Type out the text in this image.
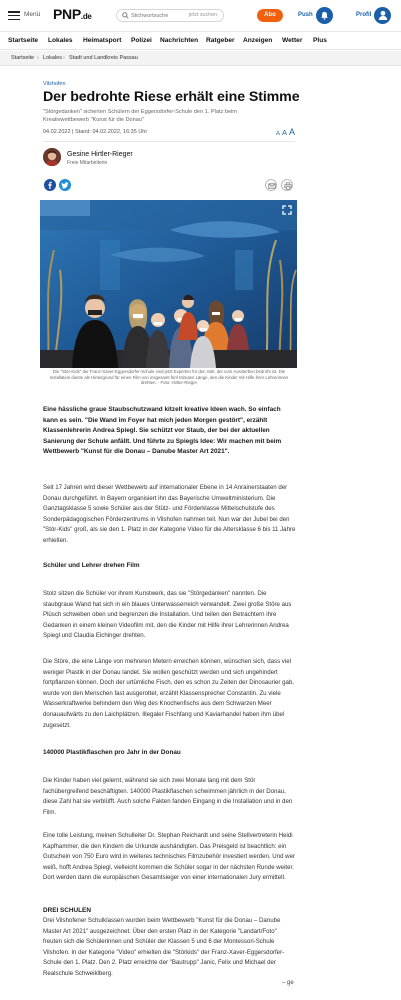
Menü PNP.de
Stichwortsuche	jetzt suchen	Abo	Push	Profil
Startseite Lokales Heimatsport Polizei Nachrichten Ratgeber Anzeigen Wetter Plus
Startseite › Lokales › Stadt und Landkreis Passau
Vilshofen
Der bedrohte Riese erhält eine Stimme

"Störgedanken" sicherten Schülern der Eggersdorfer-Schule den 1. Platz beim Kreativwettbewerb "Kunst für die Donau"

04.02.2022 | Stand: 04.02.2022, 16:35 Uhr	A A A
Gesine Hirtler-Rieger
Freie Mitarbeiterin

Die "Stör-Kids" der Franz-Xaver-Eggersdorfer-Schule sind jetzt Experten für den Stör, der vom Aussterben bedroht ist. Die Installation diente als Hintergrund für einen Film von insgesamt fünf Minuten Länge, den die Kinder mit Hilfe ihrer Lehrerinnen drehten. - Foto: Hirtler-Rieger

Eine hässliche graue Staubschutzwand kitzelt kreative Ideen wach. So einfach kann es sein. "Die Wand im Foyer hat mich jeden Morgen gestört", erzählt Klassenlehrerin Andrea Spiegl. Sie schützt vor Staub, der bei der aktuellen Sanierung der Schule anfällt. Und führte zu Spiegls Idee: Wir machen mit beim Wettbewerb "Kunst für die Donau – Danube Master Art 2021".

Seit 17 Jahren wird dieser Wettbewerb auf internationaler Ebene in 14 Anrainerstaaten der Donau durchgeführt. In Bayern organisiert ihn das Bayerische Umweltministerium. Die Ganztagsklasse 5 sowie Schüler aus der Stütz- und Förderklasse Mittelschulstufe des Sonderpädagogischen Förderzentrums in Vilshofen nahmen teil. Nun war der Jubel bei den "Stör-Kids" groß, als sie den 1. Platz in der Kategorie Video für die Altersklasse 6 bis 11 Jahre erhielten.

Schüler und Lehrer drehen Film

Stolz sitzen die Schüler vor ihrem Kunstwerk, das sie "Störgedanken" nannten. Die staubgraue Wand hat sich in ein blaues Unterwasserreich verwandelt. Zwei große Störe aus Plüsch schweben oben und begrenzen die Installation. Und teilen den Betrachtern ihre Gedanken in einem kleinen Videofilm mit, den die Kinder mit Hilfe ihrer Lehrerinnen Andrea Spiegl und Claudia Eichinger drehten.

Die Störe, die eine Länge von mehreren Metern erreichen können, wünschen sich, dass viel weniger Plastik in der Donau landet. Sie wollen geschützt werden und sich ungehindert fortpflanzen können. Doch der urtümliche Fisch, den es schon zu Zeiten der Dinosaurier gab, wurde von den Menschen fast ausgerottet, erzählt Klassensprecher Constantin. Zu viele Wasserkraftwerke behindern den Weg des Knochenfischs aus dem Schwarzen Meer donauaufwärts zu den Laichplätzen. Illegaler Fischfang und Kaviarhandel haben ihm übel zugesetzt.

140000 Plastikflaschen pro Jahr in der Donau

Die Kinder haben viel gelernt, während sie sich zwei Monate lang mit dem Stör fachübergreifend beschäftigten. 140000 Plastikflaschen schwimmen jährlich in der Donau, diese Zahl hat sie verblüfft. Auch solche Fakten fanden Eingang in die Installation und in den Film.

Eine tolle Leistung, meinen Schulleiter Dr. Stephan Reichardt und seine Stellvertreterin Heidi Kapfhammer, die den Kindern die Urkunde aushändigten. Das Preisgeld ist beachtlich: ein Gutschein von 750 Euro wird in weiteres technisches Filmzubehör investiert werden. Und wer weiß, hofft Andrea Spiegl, vielleicht kommen die Schüler sogar in der nächsten Runde weiter. Dort werden dann die europäischen Gesamtsieger von einer internationalen Jury ermittelt.

DREI SCHULEN

Drei Vilshofener Schulklassen wurden beim Wettbewerb "Kunst für die Donau – Danube Master Art 2021" ausgezeichnet. Über den ersten Platz in der Kategorie "Landart/Foto" freuten sich die Schülerinnen und Schüler der Klassen 5 und 6 der Montessori-Schule Vilshofen. In der Kategorie "Video" erhielten die "Störkids" der Franz-Xaver-Eggersdorfer-Schule den 1. Platz. Den 2. Platz erreichte der "Bautrupp" Janic, Felix und Michael der Realschule Schweiklberg.

– ge
